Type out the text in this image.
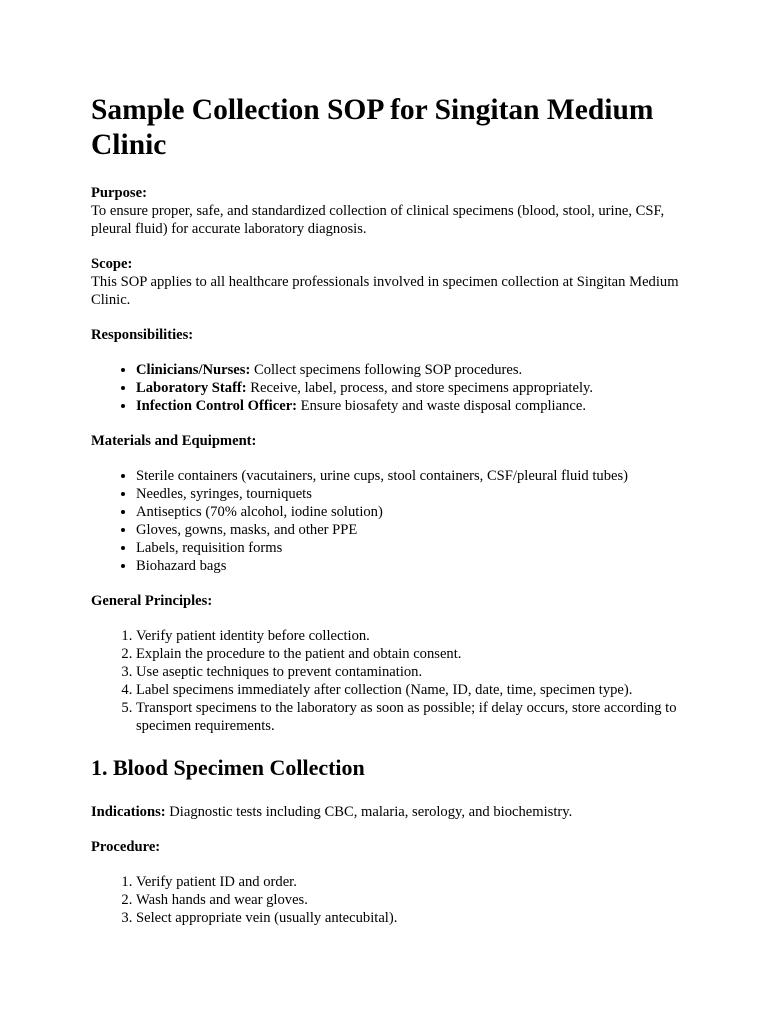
Sample Collection SOP for Singitan Medium Clinic

Purpose:

To ensure proper, safe, and standardized collection of clinical specimens (blood, stool, urine, CSF, pleural fluid) for accurate laboratory diagnosis.

Scope:

This SOP applies to all healthcare professionals involved in specimen collection at Singitan Medium Clinic.

Responsibilities:

• Clinicians/Nurses: Collect specimens following SOP procedures.
• Laboratory Staff: Receive, label, process, and store specimens appropriately.
• Infection Control Officer: Ensure biosafety and waste disposal compliance.

Materials and Equipment:

• Sterile containers (vacutainers, urine cups, stool containers, CSF/pleural fluid tubes)
• Needles, syringes, tourniquets
• Antiseptics (70% alcohol, iodine solution)
• Gloves, gowns, masks, and other PPE
• Labels, requisition forms
• Biohazard bags

General Principles:

1. Verify patient identity before collection.
2. Explain the procedure to the patient and obtain consent.
3. Use aseptic techniques to prevent contamination.
4. Label specimens immediately after collection (Name, ID, date, time, specimen type).
5. Transport specimens to the laboratory as soon as possible; if delay occurs, store according to specimen requirements.
1. Blood Specimen Collection

Indications: Diagnostic tests including CBC, malaria, serology, and biochemistry.

Procedure:

1. Verify patient ID and order.
2. Wash hands and wear gloves.
3. Select appropriate vein (usually antecubital).
